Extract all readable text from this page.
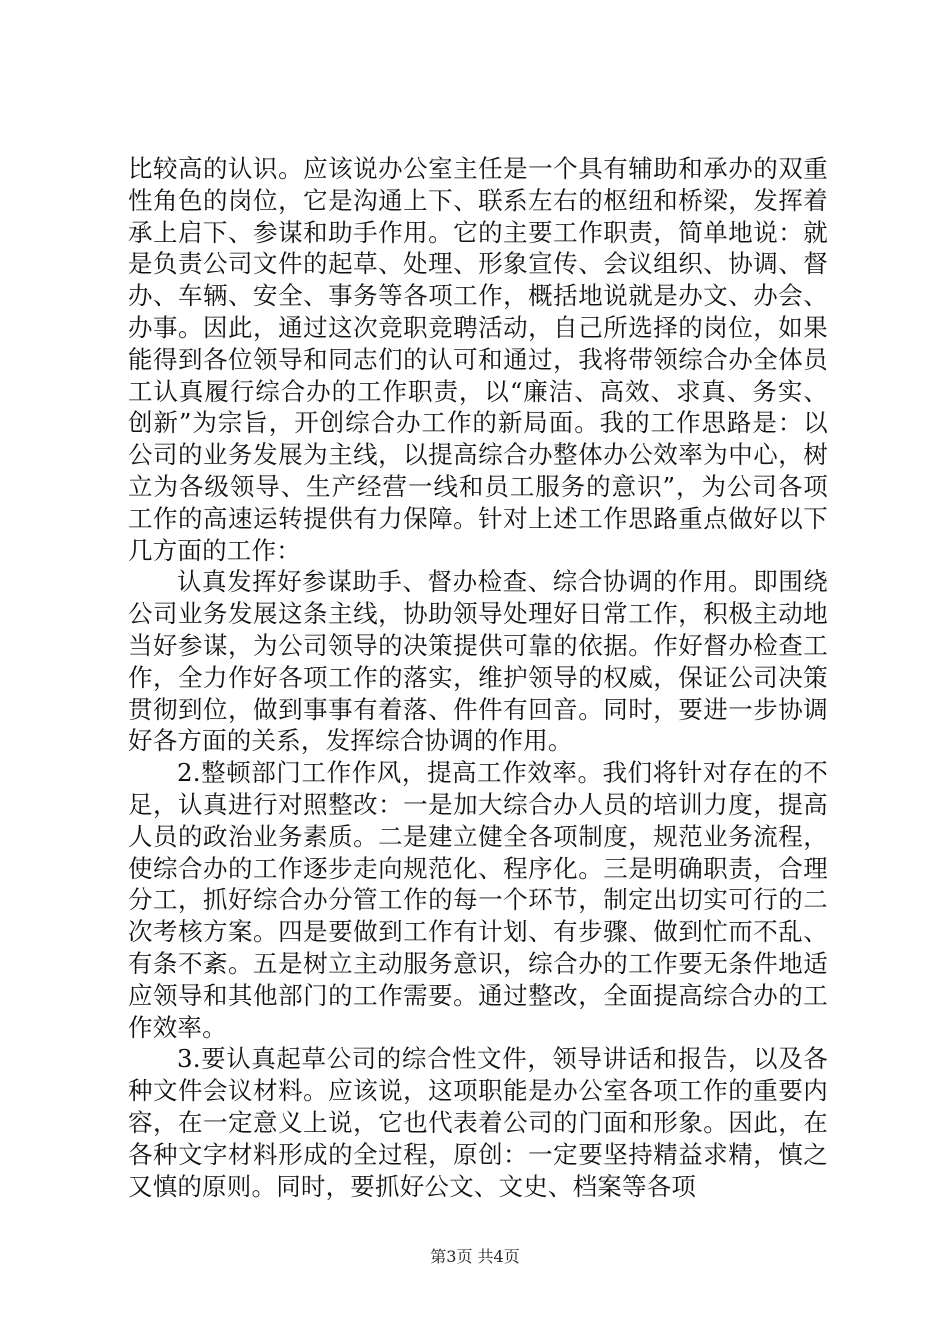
比较高的认识。应该说办公室主任是一个具有辅助和承办的双重性角色的岗位，它是沟通上下、联系左右的枢纽和桥梁，发挥着承上启下、参谋和助手作用。它的主要工作职责，简单地说：就是负责公司文件的起草、处理、形象宣传、会议组织、协调、督办、车辆、安全、事务等各项工作，概括地说就是办文、办会、办事。因此，通过这次竞职竞聘活动，自己所选择的岗位，如果能得到各位领导和同志们的认可和通过，我将带领综合办全体员工认真履行综合办的工作职责，以“廉洁、高效、求真、务实、创新”为宗旨，开创综合办工作的新局面。我的工作思路是：以公司的业务发展为主线，以提高综合办整体办公效率为中心，树立为各级领导、生产经营一线和员工服务的意识”，为公司各项工作的高速运转提供有力保障。针对上述工作思路重点做好以下几方面的工作：

认真发挥好参谋助手、督办检查、综合协调的作用。即围绕公司业务发展这条主线，协助领导处理好日常工作，积极主动地当好参谋，为公司领导的决策提供可靠的依据。作好督办检查工作，全力作好各项工作的落实，维护领导的权威，保证公司决策贯彻到位，做到事事有着落、件件有回音。同时，要进一步协调好各方面的关系，发挥综合协调的作用。

2.整顿部门工作作风，提高工作效率。我们将针对存在的不足，认真进行对照整改：一是加大综合办人员的培训力度，提高人员的政治业务素质。二是建立健全各项制度，规范业务流程，使综合办的工作逐步走向规范化、程序化。三是明确职责，合理分工，抓好综合办分管工作的每一个环节，制定出切实可行的二次考核方案。四是要做到工作有计划、有步骤、做到忙而不乱、有条不紊。五是树立主动服务意识，综合办的工作要无条件地适应领导和其他部门的工作需要。通过整改，全面提高综合办的工作效率。

3.要认真起草公司的综合性文件，领导讲话和报告，以及各种文件会议材料。应该说，这项职能是办公室各项工作的重要内容，在一定意义上说，它也代表着公司的门面和形象。因此，在各种文字材料形成的全过程，原创：一定要坚持精益求精，慎之又慎的原则。同时，要抓好公文、文史、档案等各项

第3页 共4页
